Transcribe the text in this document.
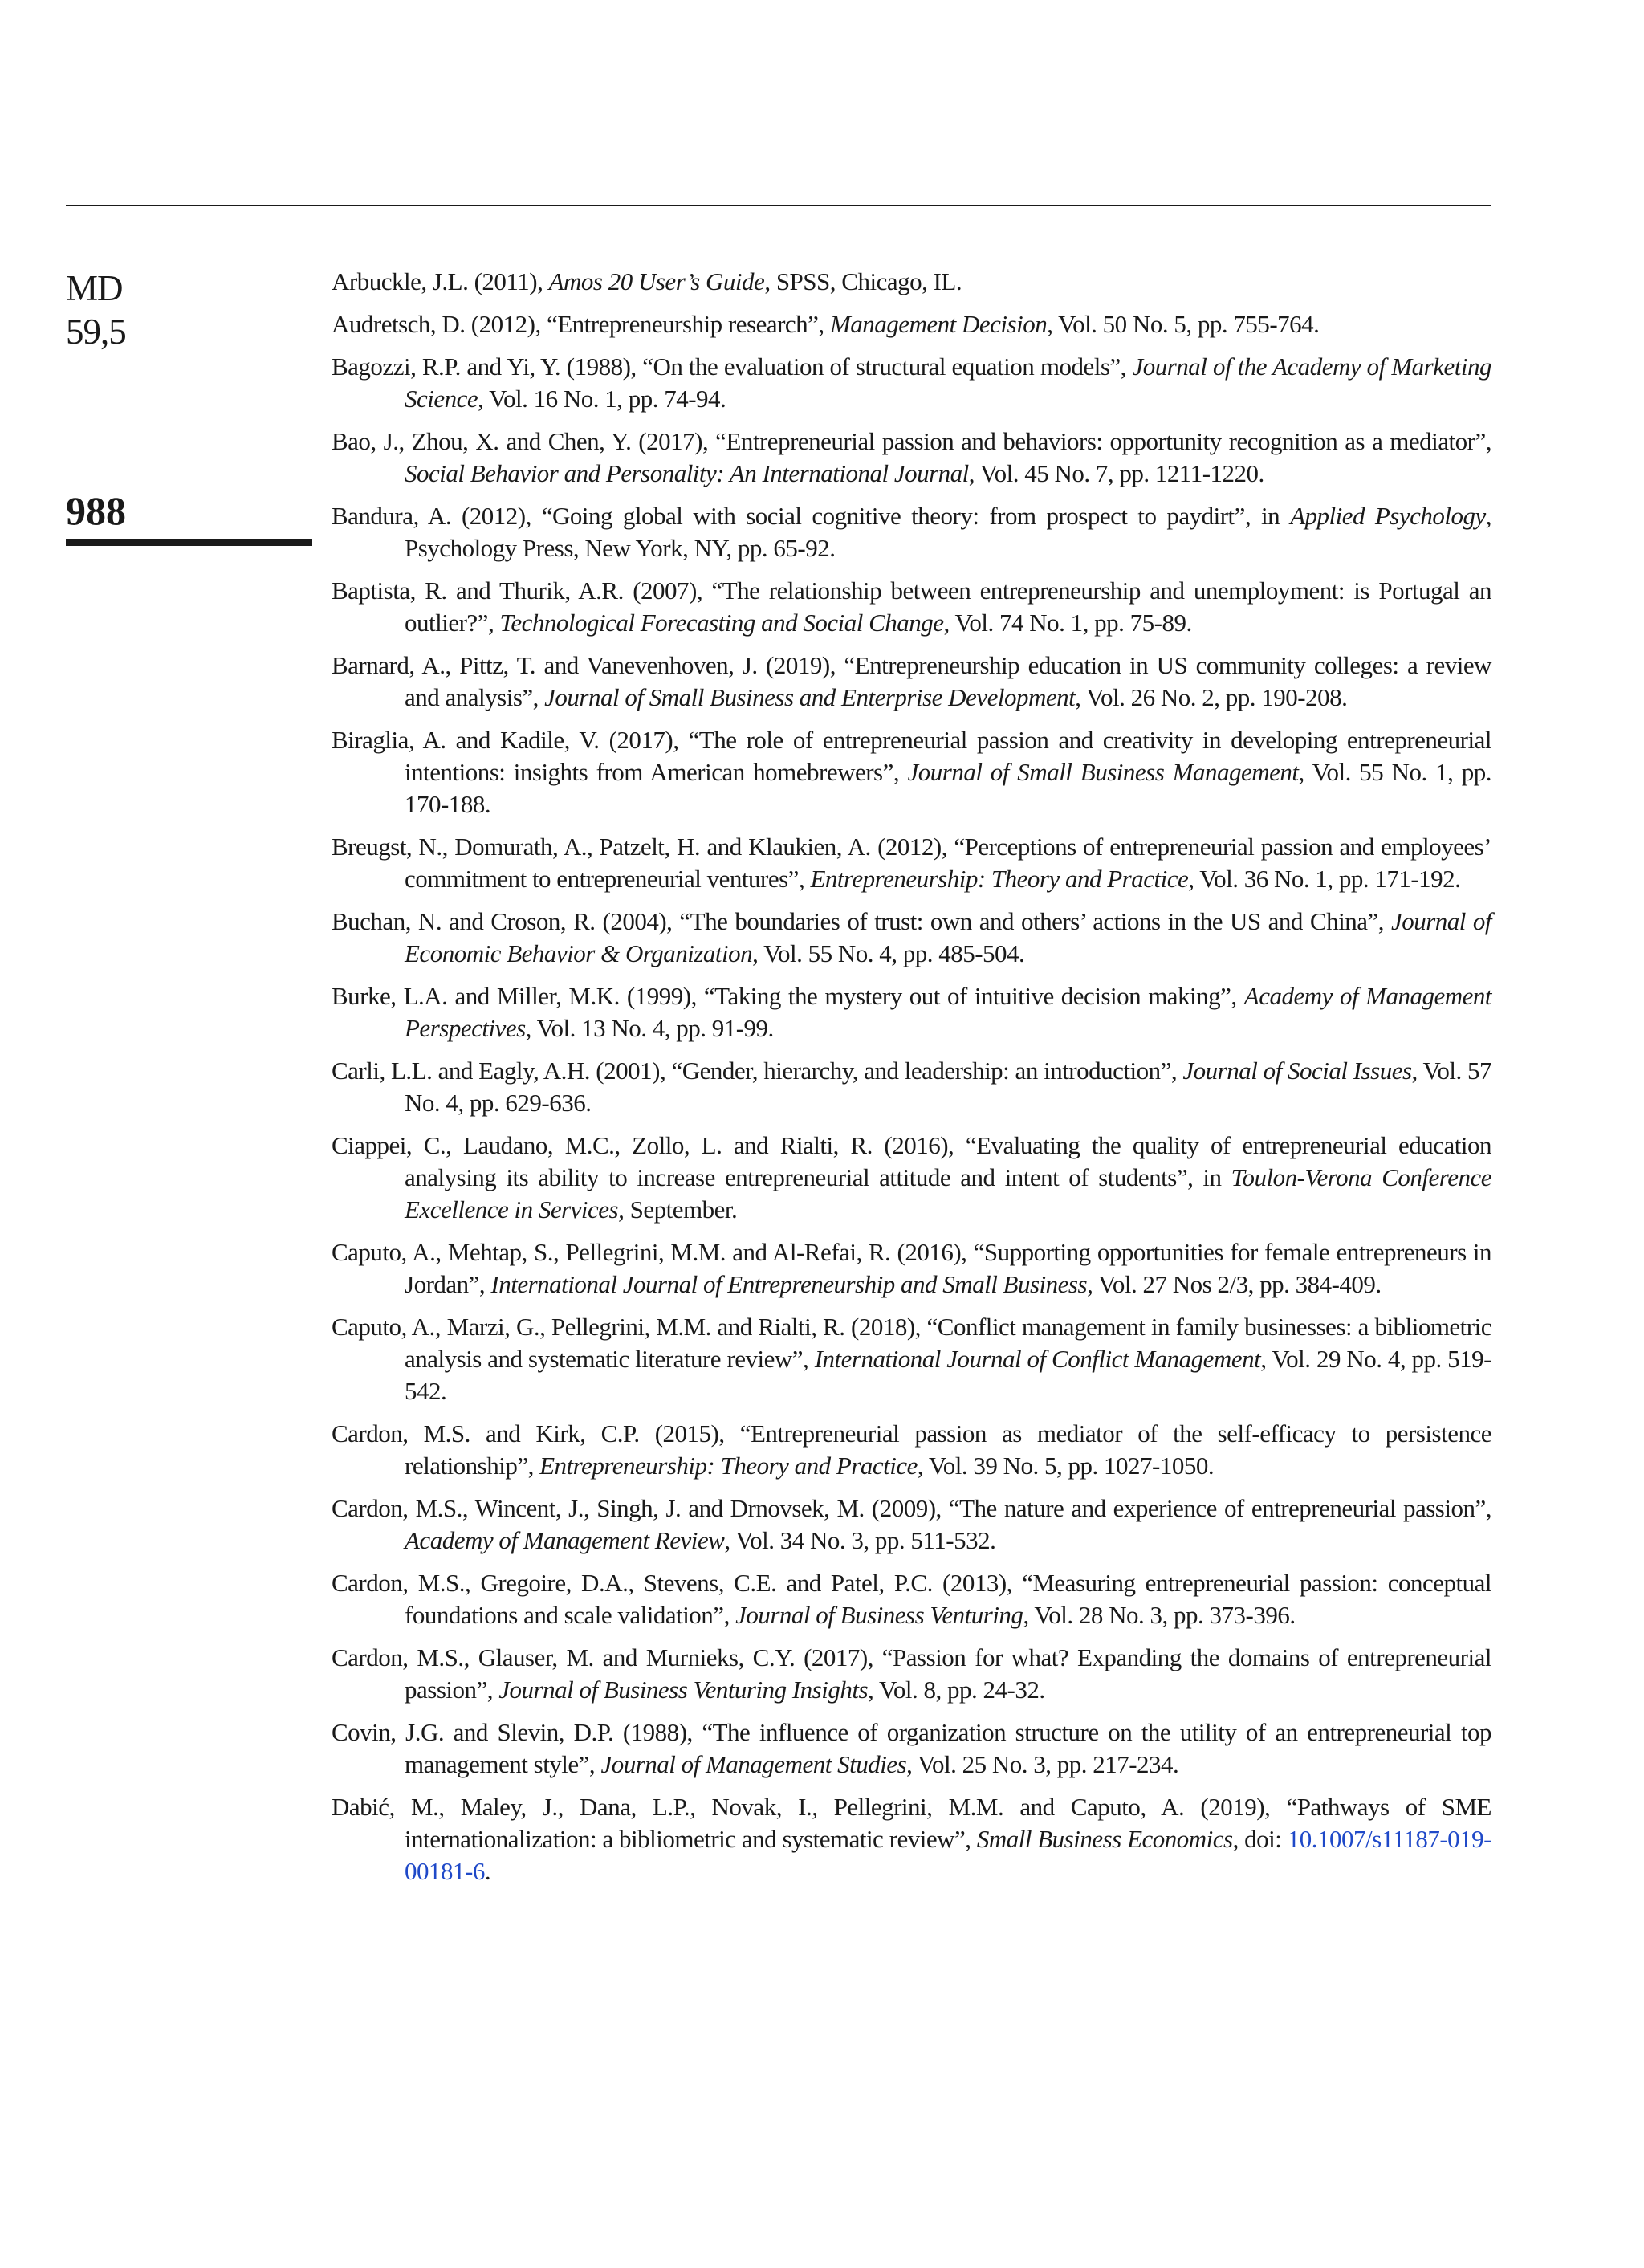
MD
59,5
988
Arbuckle, J.L. (2011), Amos 20 User’s Guide, SPSS, Chicago, IL.
Audretsch, D. (2012), “Entrepreneurship research”, Management Decision, Vol. 50 No. 5, pp. 755-764.
Bagozzi, R.P. and Yi, Y. (1988), “On the evaluation of structural equation models”, Journal of the Academy of Marketing Science, Vol. 16 No. 1, pp. 74-94.
Bao, J., Zhou, X. and Chen, Y. (2017), “Entrepreneurial passion and behaviors: opportunity recognition as a mediator”, Social Behavior and Personality: An International Journal, Vol. 45 No. 7, pp. 1211-1220.
Bandura, A. (2012), “Going global with social cognitive theory: from prospect to paydirt”, in Applied Psychology, Psychology Press, New York, NY, pp. 65-92.
Baptista, R. and Thurik, A.R. (2007), “The relationship between entrepreneurship and unemployment: is Portugal an outlier?”, Technological Forecasting and Social Change, Vol. 74 No. 1, pp. 75-89.
Barnard, A., Pittz, T. and Vanevenhoven, J. (2019), “Entrepreneurship education in US community colleges: a review and analysis”, Journal of Small Business and Enterprise Development, Vol. 26 No. 2, pp. 190-208.
Biraglia, A. and Kadile, V. (2017), “The role of entrepreneurial passion and creativity in developing entrepreneurial intentions: insights from American homebrewers”, Journal of Small Business Management, Vol. 55 No. 1, pp. 170-188.
Breugst, N., Domurath, A., Patzelt, H. and Klaukien, A. (2012), “Perceptions of entrepreneurial passion and employees’ commitment to entrepreneurial ventures”, Entrepreneurship: Theory and Practice, Vol. 36 No. 1, pp. 171-192.
Buchan, N. and Croson, R. (2004), “The boundaries of trust: own and others’ actions in the US and China”, Journal of Economic Behavior & Organization, Vol. 55 No. 4, pp. 485-504.
Burke, L.A. and Miller, M.K. (1999), “Taking the mystery out of intuitive decision making”, Academy of Management Perspectives, Vol. 13 No. 4, pp. 91-99.
Carli, L.L. and Eagly, A.H. (2001), “Gender, hierarchy, and leadership: an introduction”, Journal of Social Issues, Vol. 57 No. 4, pp. 629-636.
Ciappei, C., Laudano, M.C., Zollo, L. and Rialti, R. (2016), “Evaluating the quality of entrepreneurial education analysing its ability to increase entrepreneurial attitude and intent of students”, in Toulon-Verona Conference Excellence in Services, September.
Caputo, A., Mehtap, S., Pellegrini, M.M. and Al-Refai, R. (2016), “Supporting opportunities for female entrepreneurs in Jordan”, International Journal of Entrepreneurship and Small Business, Vol. 27 Nos 2/3, pp. 384-409.
Caputo, A., Marzi, G., Pellegrini, M.M. and Rialti, R. (2018), “Conflict management in family businesses: a bibliometric analysis and systematic literature review”, International Journal of Conflict Management, Vol. 29 No. 4, pp. 519-542.
Cardon, M.S. and Kirk, C.P. (2015), “Entrepreneurial passion as mediator of the self-efficacy to persistence relationship”, Entrepreneurship: Theory and Practice, Vol. 39 No. 5, pp. 1027-1050.
Cardon, M.S., Wincent, J., Singh, J. and Drnovsek, M. (2009), “The nature and experience of entrepreneurial passion”, Academy of Management Review, Vol. 34 No. 3, pp. 511-532.
Cardon, M.S., Gregoire, D.A., Stevens, C.E. and Patel, P.C. (2013), “Measuring entrepreneurial passion: conceptual foundations and scale validation”, Journal of Business Venturing, Vol. 28 No. 3, pp. 373-396.
Cardon, M.S., Glauser, M. and Murnieks, C.Y. (2017), “Passion for what? Expanding the domains of entrepreneurial passion”, Journal of Business Venturing Insights, Vol. 8, pp. 24-32.
Covin, J.G. and Slevin, D.P. (1988), “The influence of organization structure on the utility of an entrepreneurial top management style”, Journal of Management Studies, Vol. 25 No. 3, pp. 217-234.
Dabić, M., Maley, J., Dana, L.P., Novak, I., Pellegrini, M.M. and Caputo, A. (2019), “Pathways of SME internationalization: a bibliometric and systematic review”, Small Business Economics, doi: 10.1007/s11187-019-00181-6.
